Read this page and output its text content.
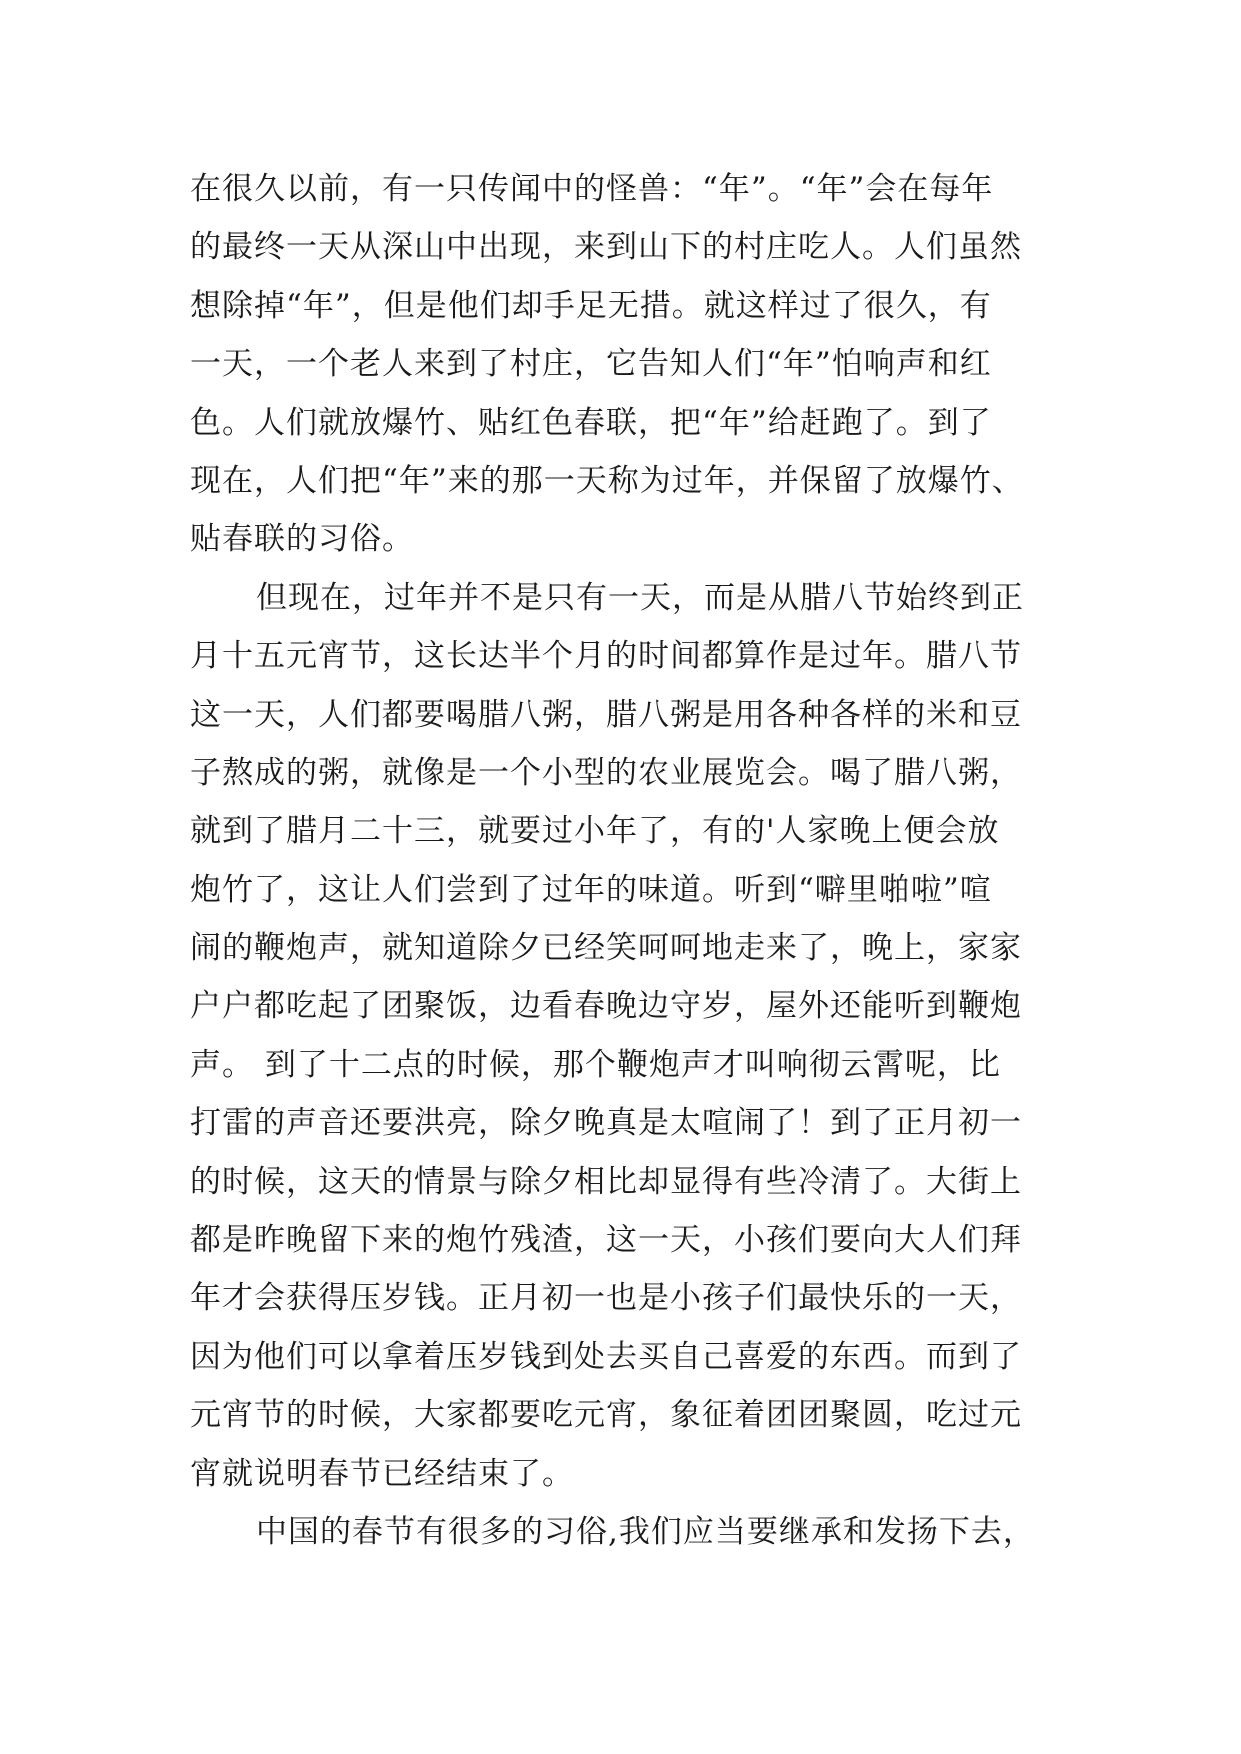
在很久以前，有一只传闻中的怪兽：“年”。“年”会在每年
的最终一天从深山中出现，来到山下的村庄吃人。人们虽然
想除掉“年”，但是他们却手足无措。就这样过了很久，有
一天，一个老人来到了村庄，它告知人们“年”怕响声和红
色。人们就放爆竹、贴红色春联，把“年”给赶跑了。到了
现在，人们把“年”来的那一天称为过年，并保留了放爆竹、
贴春联的习俗。
但现在，过年并不是只有一天，而是从腊八节始终到正
月十五元宵节，这长达半个月的时间都算作是过年。腊八节
这一天，人们都要喝腊八粥，腊八粥是用各种各样的米和豆
子熬成的粥，就像是一个小型的农业展览会。喝了腊八粥，
就到了腊月二十三，就要过小年了，有的'人家晚上便会放
炮竹了，这让人们尝到了过年的味道。听到“噼里啪啦”喧
闹的鞭炮声，就知道除夕已经笑呵呵地走来了，晚上，家家
户户都吃起了团聚饭，边看春晚边守岁，屋外还能听到鞭炮
声。 到了十二点的时候，那个鞭炮声才叫响彻云霄呢，比
打雷的声音还要洪亮，除夕晚真是太喧闹了！到了正月初一
的时候，这天的情景与除夕相比却显得有些冷清了。大街上
都是昨晚留下来的炮竹残渣，这一天，小孩们要向大人们拜
年才会获得压岁钱。正月初一也是小孩子们最快乐的一天，
因为他们可以拿着压岁钱到处去买自己喜爱的东西。而到了
元宵节的时候，大家都要吃元宵，象征着团团聚圆，吃过元
宵就说明春节已经结束了。
中国的春节有很多的习俗,我们应当要继承和发扬下去，
